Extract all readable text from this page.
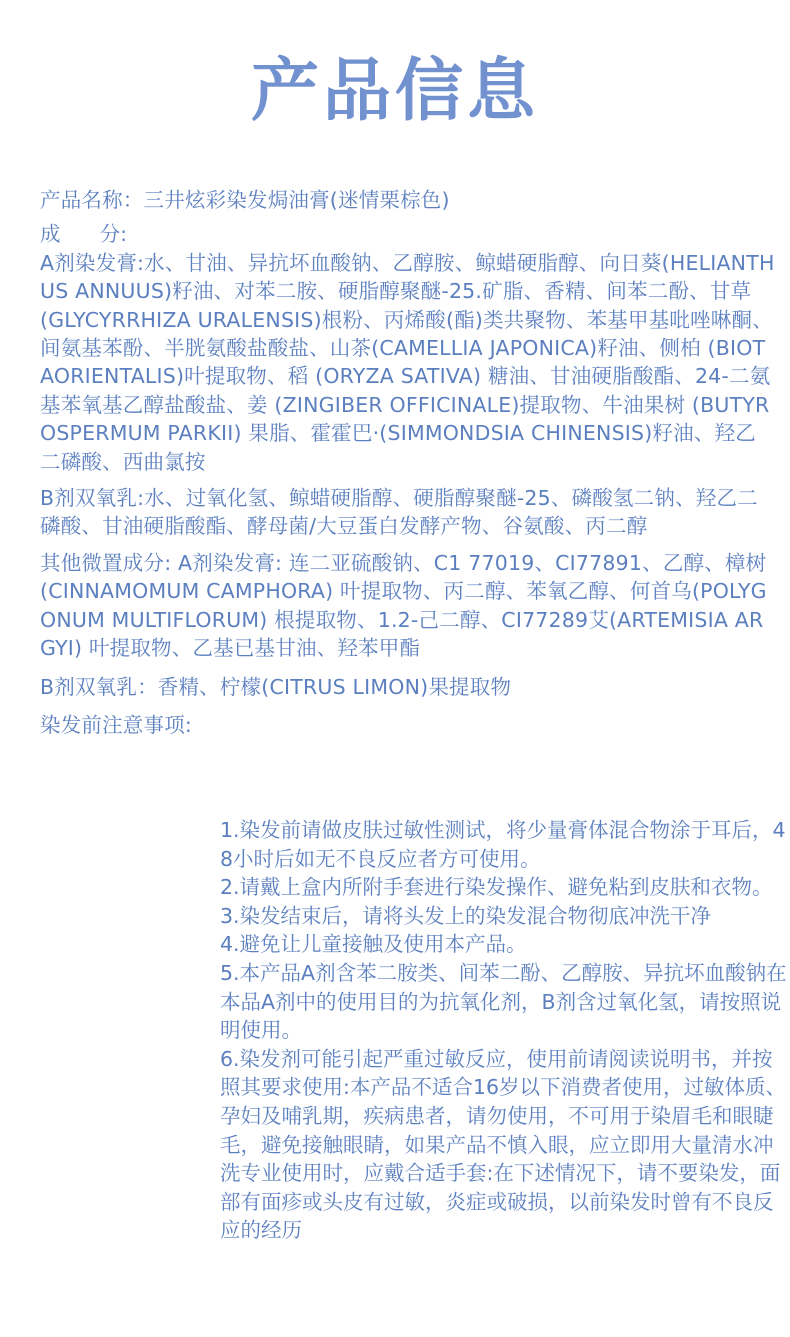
产品信息

产品名称：三井炫彩染发焗油膏(迷情栗棕色)

成      分:

A剂染发膏:水、甘油、异抗坏血酸钠、乙醇胺、鲸蜡硬脂醇、向日葵(HELIANTHUS ANNUUS)籽油、对苯二胺、硬脂醇聚醚-25.矿脂、香精、间苯二酚、甘草 (GLYCYRRHIZA URALENSIS)根粉、丙烯酸(酯)类共聚物、苯基甲基吡唑啉酮、间氨基苯酚、半胱氨酸盐酸盐、山茶(CAMELLIA JAPONICA)籽油、侧柏 (BIOTAORIENTALIS)叶提取物、稻 (ORYZA SATIVA) 糖油、甘油硬脂酸酯、24-二氨基苯氧基乙醇盐酸盐、姜 (ZINGIBER OFFICINALE)提取物、牛油果树 (BUTYROSPERMUM PARKII) 果脂、霍霍巴·(SIMMONDSIA CHINENSIS)籽油、羟乙二磷酸、西曲氯按

B剂双氧乳:水、过氧化氢、鲸蜡硬脂醇、硬脂醇聚醚-25、磷酸氢二钠、羟乙二磷酸、甘油硬脂酸酯、酵母菌/大豆蛋白发酵产物、谷氨酸、丙二醇

其他微置成分: A剂染发膏: 连二亚硫酸钠、C1 77019、CI77891、乙醇、樟树(CINNAMOMUM CAMPHORA) 叶提取物、丙二醇、苯氧乙醇、何首乌(POLYGONUM MULTIFLORUM) 根提取物、1.2-己二醇、CI77289艾(ARTEMISIA ARGYI) 叶提取物、乙基已基甘油、羟苯甲酯

B剂双氧乳：香精、柠檬(CITRUS LIMON)果提取物

染发前注意事项:

1.染发前请做皮肤过敏性测试，将少量膏体混合物涂于耳后，48小时后如无不良反应者方可使用。

2.请戴上盒内所附手套进行染发操作、避免粘到皮肤和衣物。

3.染发结束后，请将头发上的染发混合物彻底冲洗干净

4.避免让儿童接触及使用本产品。

5.本产品A剂含苯二胺类、间苯二酚、乙醇胺、异抗坏血酸钠在本品A剂中的使用目的为抗氧化剂，B剂含过氧化氢，请按照说明使用。

6.染发剂可能引起严重过敏反应，使用前请阅读说明书，并按照其要求使用:本产品不适合16岁以下消费者使用，过敏体质、孕妇及哺乳期，疾病患者，请勿使用，不可用于染眉毛和眼睫毛，避免接触眼睛，如果产品不慎入眼，应立即用大量清水冲洗专业使用时，应戴合适手套:在下述情况下，请不要染发，面部有面疹或头皮有过敏，炎症或破损，以前染发时曾有不良反应的经历
